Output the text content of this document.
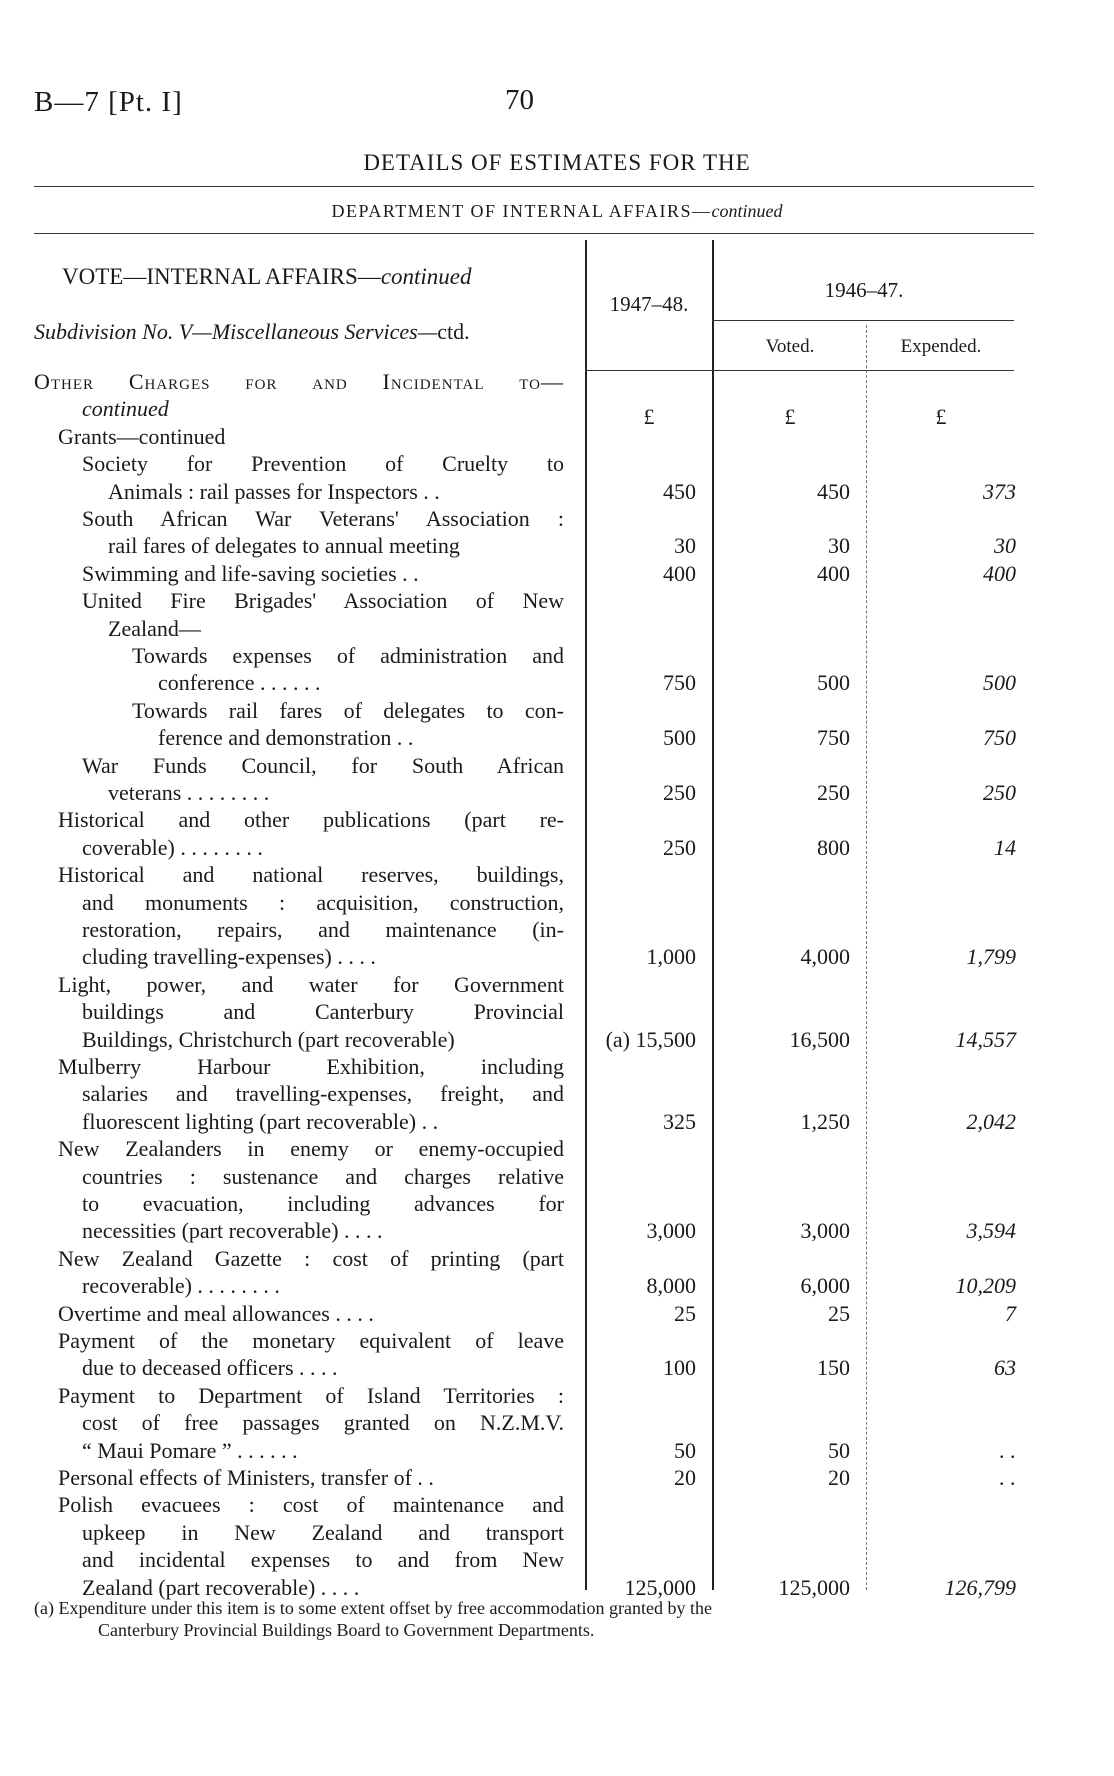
B—7 [Pt. I]	70
DETAILS OF ESTIMATES FOR THE
DEPARTMENT OF INTERNAL AFFAIRS—continued
VOTE—INTERNAL AFFAIRS—continued
Subdivision No. V—Miscellaneous Services—ctd.
1947–48.
1946–47.
Voted.	Expended.
£	£	£
Other Charges for and Incidental to—
continued
Grants—continued
Society for Prevention of Cruelty to
Animals : rail passes for Inspectors . .	450	450	373
South African War Veterans' Association :
rail fares of delegates to annual meeting	30	30	30
Swimming and life-saving societies . .	400	400	400
United Fire Brigades' Association of New
Zealand—
Towards expenses of administration and
conference . . . . . .	750	500	500
Towards rail fares of delegates to con-
ference and demonstration . .	500	750	750
War Funds Council, for South African
veterans . . . . . . . .	250	250	250
Historical and other publications (part re-
coverable) . . . . . . . .	250	800	14
Historical and national reserves, buildings,
and monuments : acquisition, construction,
restoration, repairs, and maintenance (in-
cluding travelling-expenses) . . . .	1,000	4,000	1,799
Light, power, and water for Government
buildings and Canterbury Provincial
Buildings, Christchurch (part recoverable)	(a) 15,500	16,500	14,557
Mulberry Harbour Exhibition, including
salaries and travelling-expenses, freight, and
fluorescent lighting (part recoverable) . .	325	1,250	2,042
New Zealanders in enemy or enemy-occupied
countries : sustenance and charges relative
to evacuation, including advances for
necessities (part recoverable) . . . .	3,000	3,000	3,594
New Zealand Gazette : cost of printing (part
recoverable) . . . . . . . .	8,000	6,000	10,209
Overtime and meal allowances . . . .	25	25	7
Payment of the monetary equivalent of leave
due to deceased officers . . . .	100	150	63
Payment to Department of Island Territories :
cost of free passages granted on N.Z.M.V.
“ Maui Pomare ” . . . . . .	50	50	. .
Personal effects of Ministers, transfer of . .	20	20	. .
Polish evacuees : cost of maintenance and
upkeep in New Zealand and transport
and incidental expenses to and from New
Zealand (part recoverable) . . . .	125,000	125,000	126,799
(a) Expenditure under this item is to some extent offset by free accommodation granted by the
Canterbury Provincial Buildings Board to Government Departments.
